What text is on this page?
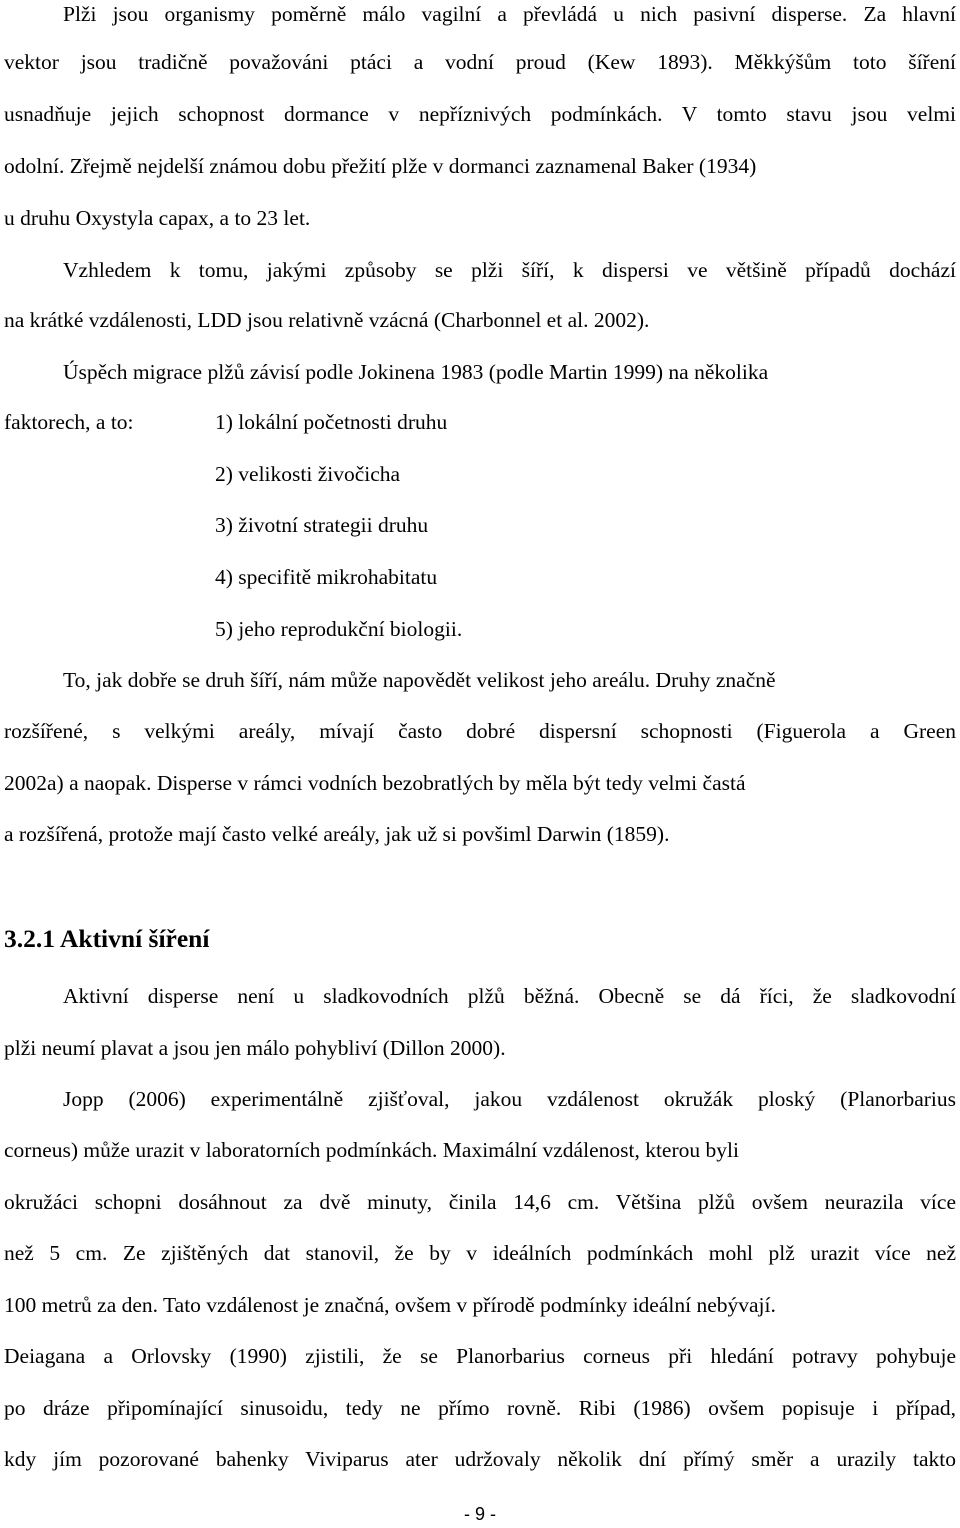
Plži jsou organismy poměrně málo vagilní a převládá u nich pasivní disperse. Za hlavní
vektor jsou tradičně považováni ptáci a vodní proud (Kew 1893). Měkkýšům toto šíření
usnadňuje jejich schopnost dormance v nepříznivých podmínkách. V tomto stavu jsou velmi
odolní. Zřejmě nejdelší známou dobu přežití plže v dormanci zaznamenal Baker (1934)
u druhu Oxystyla capax, a to 23 let.
Vzhledem k tomu, jakými způsoby se plži šíří, k dispersi ve většině případů dochází
na krátké vzdálenosti, LDD jsou relativně vzácná (Charbonnel et al. 2002).
Úspěch migrace plžů závisí podle Jokinena 1983 (podle Martin 1999) na několika
faktorech, a to:	1) lokální početnosti druhu
2) velikosti živočicha
3) životní strategii druhu
4) specifitě mikrohabitatu
5) jeho reprodukční biologii.
To, jak dobře se druh šíří, nám může napovědět velikost jeho areálu. Druhy značně
rozšířené, s velkými areály, mívají často dobré dispersní schopnosti (Figuerola a Green
2002a) a naopak. Disperse v rámci vodních bezobratlých by měla být tedy velmi častá
a rozšířená, protože mají často velké areály, jak už si povšiml Darwin (1859).
3.2.1 Aktivní šíření
Aktivní disperse není u sladkovodních plžů běžná. Obecně se dá říci, že sladkovodní
plži neumí plavat a jsou jen málo pohybliví (Dillon 2000).
Jopp (2006) experimentálně zjišťoval, jakou vzdálenost okružák ploský (Planorbarius
corneus) může urazit v laboratorních podmínkách. Maximální vzdálenost, kterou byli
okružáci schopni dosáhnout za dvě minuty, činila 14,6 cm. Většina plžů ovšem neurazila více
než 5 cm. Ze zjištěných dat stanovil, že by v ideálních podmínkách mohl plž urazit více než
100 metrů za den. Tato vzdálenost je značná, ovšem v přírodě podmínky ideální nebývají.
Deiagana a Orlovsky (1990) zjistili, že se Planorbarius corneus při hledání potravy pohybuje
po dráze připomínající sinusoidu, tedy ne přímo rovně. Ribi (1986) ovšem popisuje i případ,
kdy jím pozorované bahenky Viviparus ater udržovaly několik dní přímý směr a urazily takto
- 9 -
